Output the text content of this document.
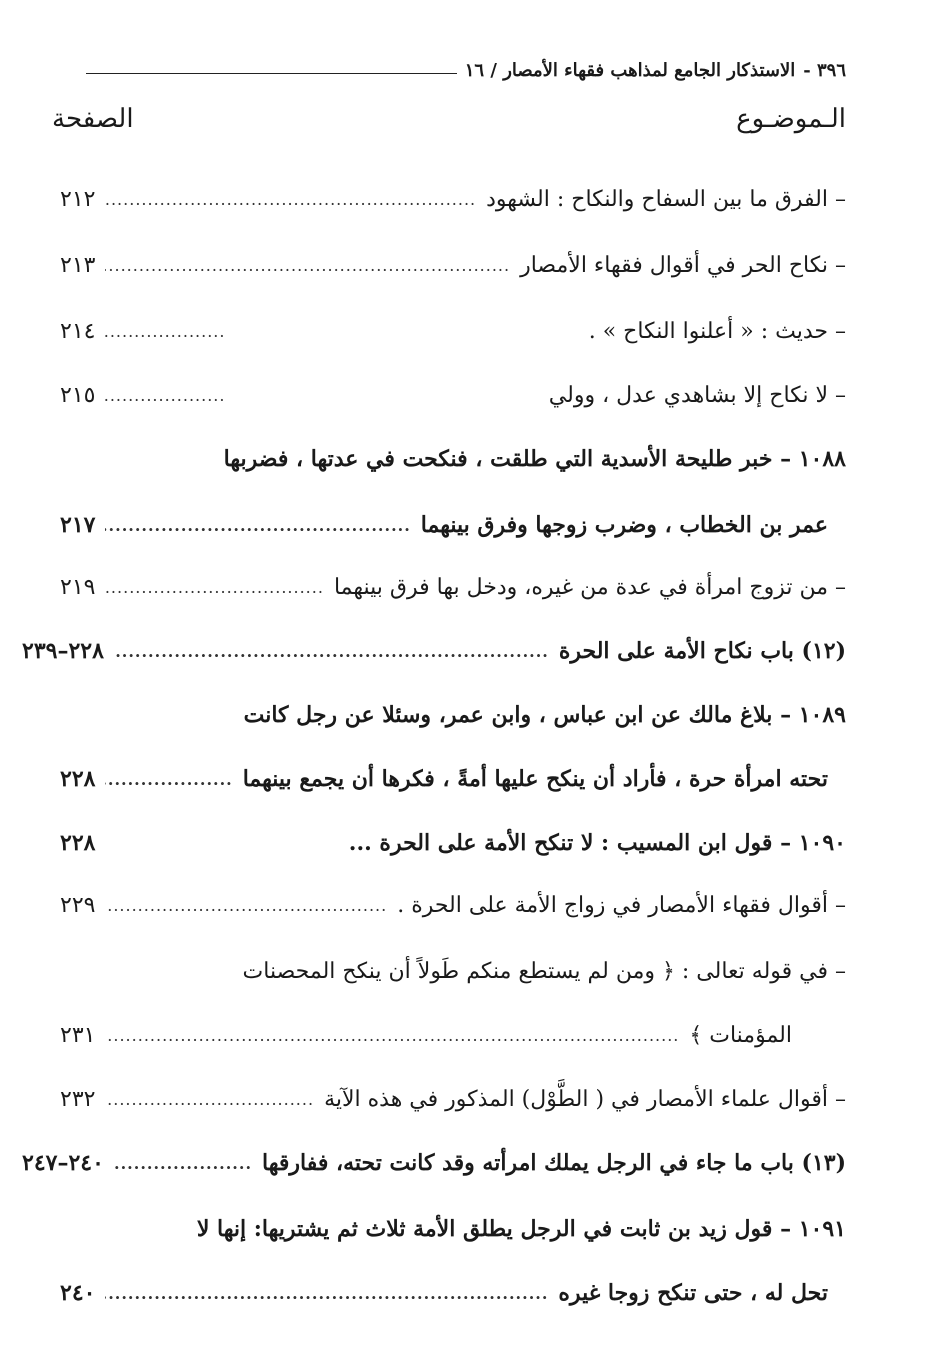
٣٩٦ -
الاستذكار الجامع لمذاهب فقهاء الأمصار / ١٦
الـموضـوع
الصفحة
– الفرق ما بين السفاح والنكاح : الشهود
.....
٢١٢
– نكاح الحر في أقوال فقهاء الأمصار
.....
٢١٣
– حديث : « أعلنوا النكاح » .
.....
٢١٤
– لا نكاح إلا بشاهدي عدل ، وولي
.....
٢١٥
١٠٨٨ – خبر طليحة الأسدية التي طلقت ، فنكحت في عدتها ، فضربها
عمر بن الخطاب ، وضرب زوجها وفرق بينهما
.....
٢١٧
– من تزوج امرأة في عدة من غيره، ودخل بها فرق بينهما
.....
٢١٩
(١٢) باب نكاح الأمة على الحرة
.....
٢٢٨–٢٣٩
١٠٨٩ – بلاغ مالك عن ابن عباس ، وابن عمر، وسئلا عن رجل كانت
تحته امرأة حرة ، فأراد أن ينكح عليها أمةً ، فكرها أن يجمع بينهما
.....
٢٢٨
١٠٩٠ – قول ابن المسيب : لا تنكح الأمة على الحرة ...
٢٢٨
– أقوال فقهاء الأمصار في زواج الأمة على الحرة .
.....
٢٢٩
– في قوله تعالى : ﴿ ومن لم يستطع منكم طَولاً أن ينكح المحصنات
المؤمنات ﴾
.....
٢٣١
– أقوال علماء الأمصار في ( الطَّوْل) المذكور في هذه الآية
.....
٢٣٢
(١٣) باب ما جاء في الرجل يملك امرأته وقد كانت تحته، ففارقها
.....
٢٤٠–٢٤٧
١٠٩١ – قول زيد بن ثابت في الرجل يطلق الأمة ثلاث ثم يشتريها: إنها لا
تحل له ، حتى تنكح زوجا غيره
.....
٢٤٠
